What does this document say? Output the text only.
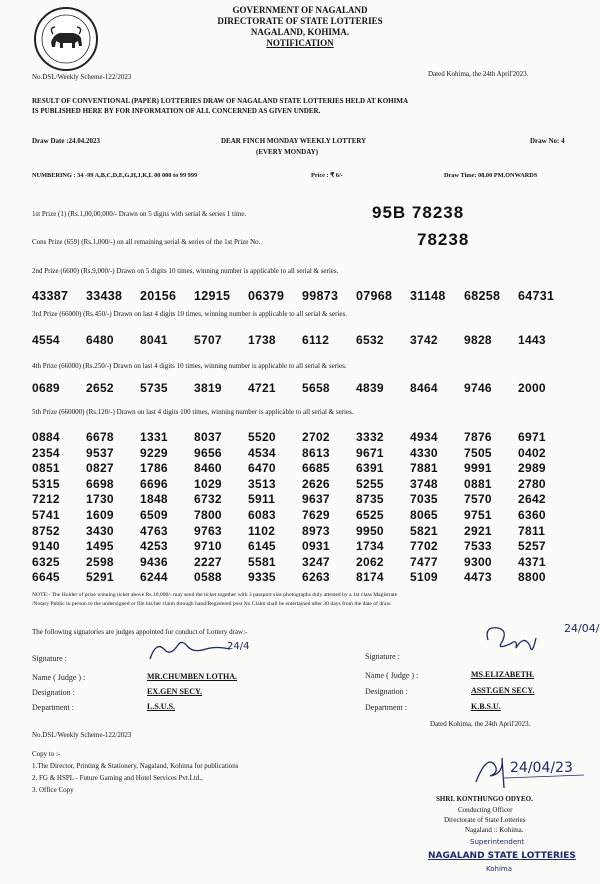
GOVERNMENT OF NAGALAND
DIRECTORATE OF STATE LOTTERIES
NAGALAND, KOHIMA.
NOTIFICATION
No.DSL/Weekly Scheme-122/2023	Dated Kohima, the 24th April'2023.
RESULT OF CONVENTIONAL (PAPER) LOTTERIES DRAW OF NAGALAND STATE LOTTERIES HELD AT KOHIMA
IS PUBLISHED HERE BY FOR INFORMATION OF ALL CONCERNED AS GIVEN UNDER.
Draw Date :24.04.2023	DEAR FINCH MONDAY WEEKLY LOTTERY
(EVERY MONDAY)
Draw No: 4
NUMBERING : 34 -99 A,B,C,D,E,G,H,J,K,L 00 000 to 99 999	Price : ₹ 6/-	Draw Time: 08.00 PM.ONWARDS
1st Prize (1) (Rs.1,00,00,000/- Drawn on 5 digits with serial & series 1 time.	95B 78238
Cons Prize (659) (Rs.1,000/-) on all remaining serial & series of the 1st Prize No.	78238
2nd Prize (6600) (Rs.9,000/-) Drawn on 5 digits 10 times, winning number is applicable to all serial & series.
43387	33438	20156	12915	06379	99873	07968	31148	68258	64731
3rd Prize (66000) (Rs.450/-) Drawn on last 4 digits 10 times, winning number is applicable to all serial & series.
4554	6480	8041	5707	1738	6112	6532	3742	9828	1443
4th Prize (66000) (Rs.250/-) Drawn on last 4 digits 10 times, winning number is applicable to all serial & series.
0689	2652	5735	3819	4721	5658	4839	8464	9746	2000
5th Prize (660000) (Rs.120/-) Drawn on last 4 digits 100 times, winning number is applicable to all serial & series.
0884	6678	1331	8037	5520	2702	3332	4934	7876	6971
2354	9537	9229	9656	4534	8613	9671	4330	7505	0402
0851	0827	1786	8460	6470	6685	6391	7881	9991	2989
5315	6698	6696	1029	3513	2626	5255	3748	0881	2780
7212	1730	1848	6732	5911	9637	8735	7035	7570	2642
5741	1609	6509	7800	6083	7629	6525	8065	9751	6360
8752	3430	4763	9763	1102	8973	9950	5821	2921	7811
9140	1495	4253	9710	6145	0931	1734	7702	7533	5257
6325	2598	9436	2227	5581	3247	2062	7477	9300	4371
6645	5291	6244	0588	9335	6263	8174	5109	4473	8800
NOTE:- The Holder of prize winning ticket above Rs.10,000/- may send the ticket together with 3 passport size photographs duly attested by a 1st class Magistrate
/Notary Public in person to the undersigned or file his/her claim through hand/Registered post No Claim shall be entertained after 30 days from the date of draw.
The following signatories are judges appointed for conduct of Lottery draw:-
Signature :
24/4
Name ( Judge ) :	MR.CHUMBEN LOTHA.
Designation :	EX.GEN SECY.
Department :	L.S.U.S.
Signature :
24/04/
Name ( Judge ) :	MS.ELIZABETH.
Designation :	ASST.GEN SECY.
Department :	K.B.S.U.
No.DSL/Weekly Scheme-122/2023
Dated Kohima, the 24th April'2023.
Copy to :-
1.The Director, Printing & Stationery, Nagaland, Kohima for publications
2. FG & HSPL - Future Gaming and Hotel Services Pvt.Ltd.,
3. Office Copy
24/04/23
SHRI. KONTHUNGO ODYEO.
Conducting Officer
Directorate of State Lotteries
Nagaland :: Kohima.
Superintendent
NAGALAND STATE LOTTERIES
Kohima
